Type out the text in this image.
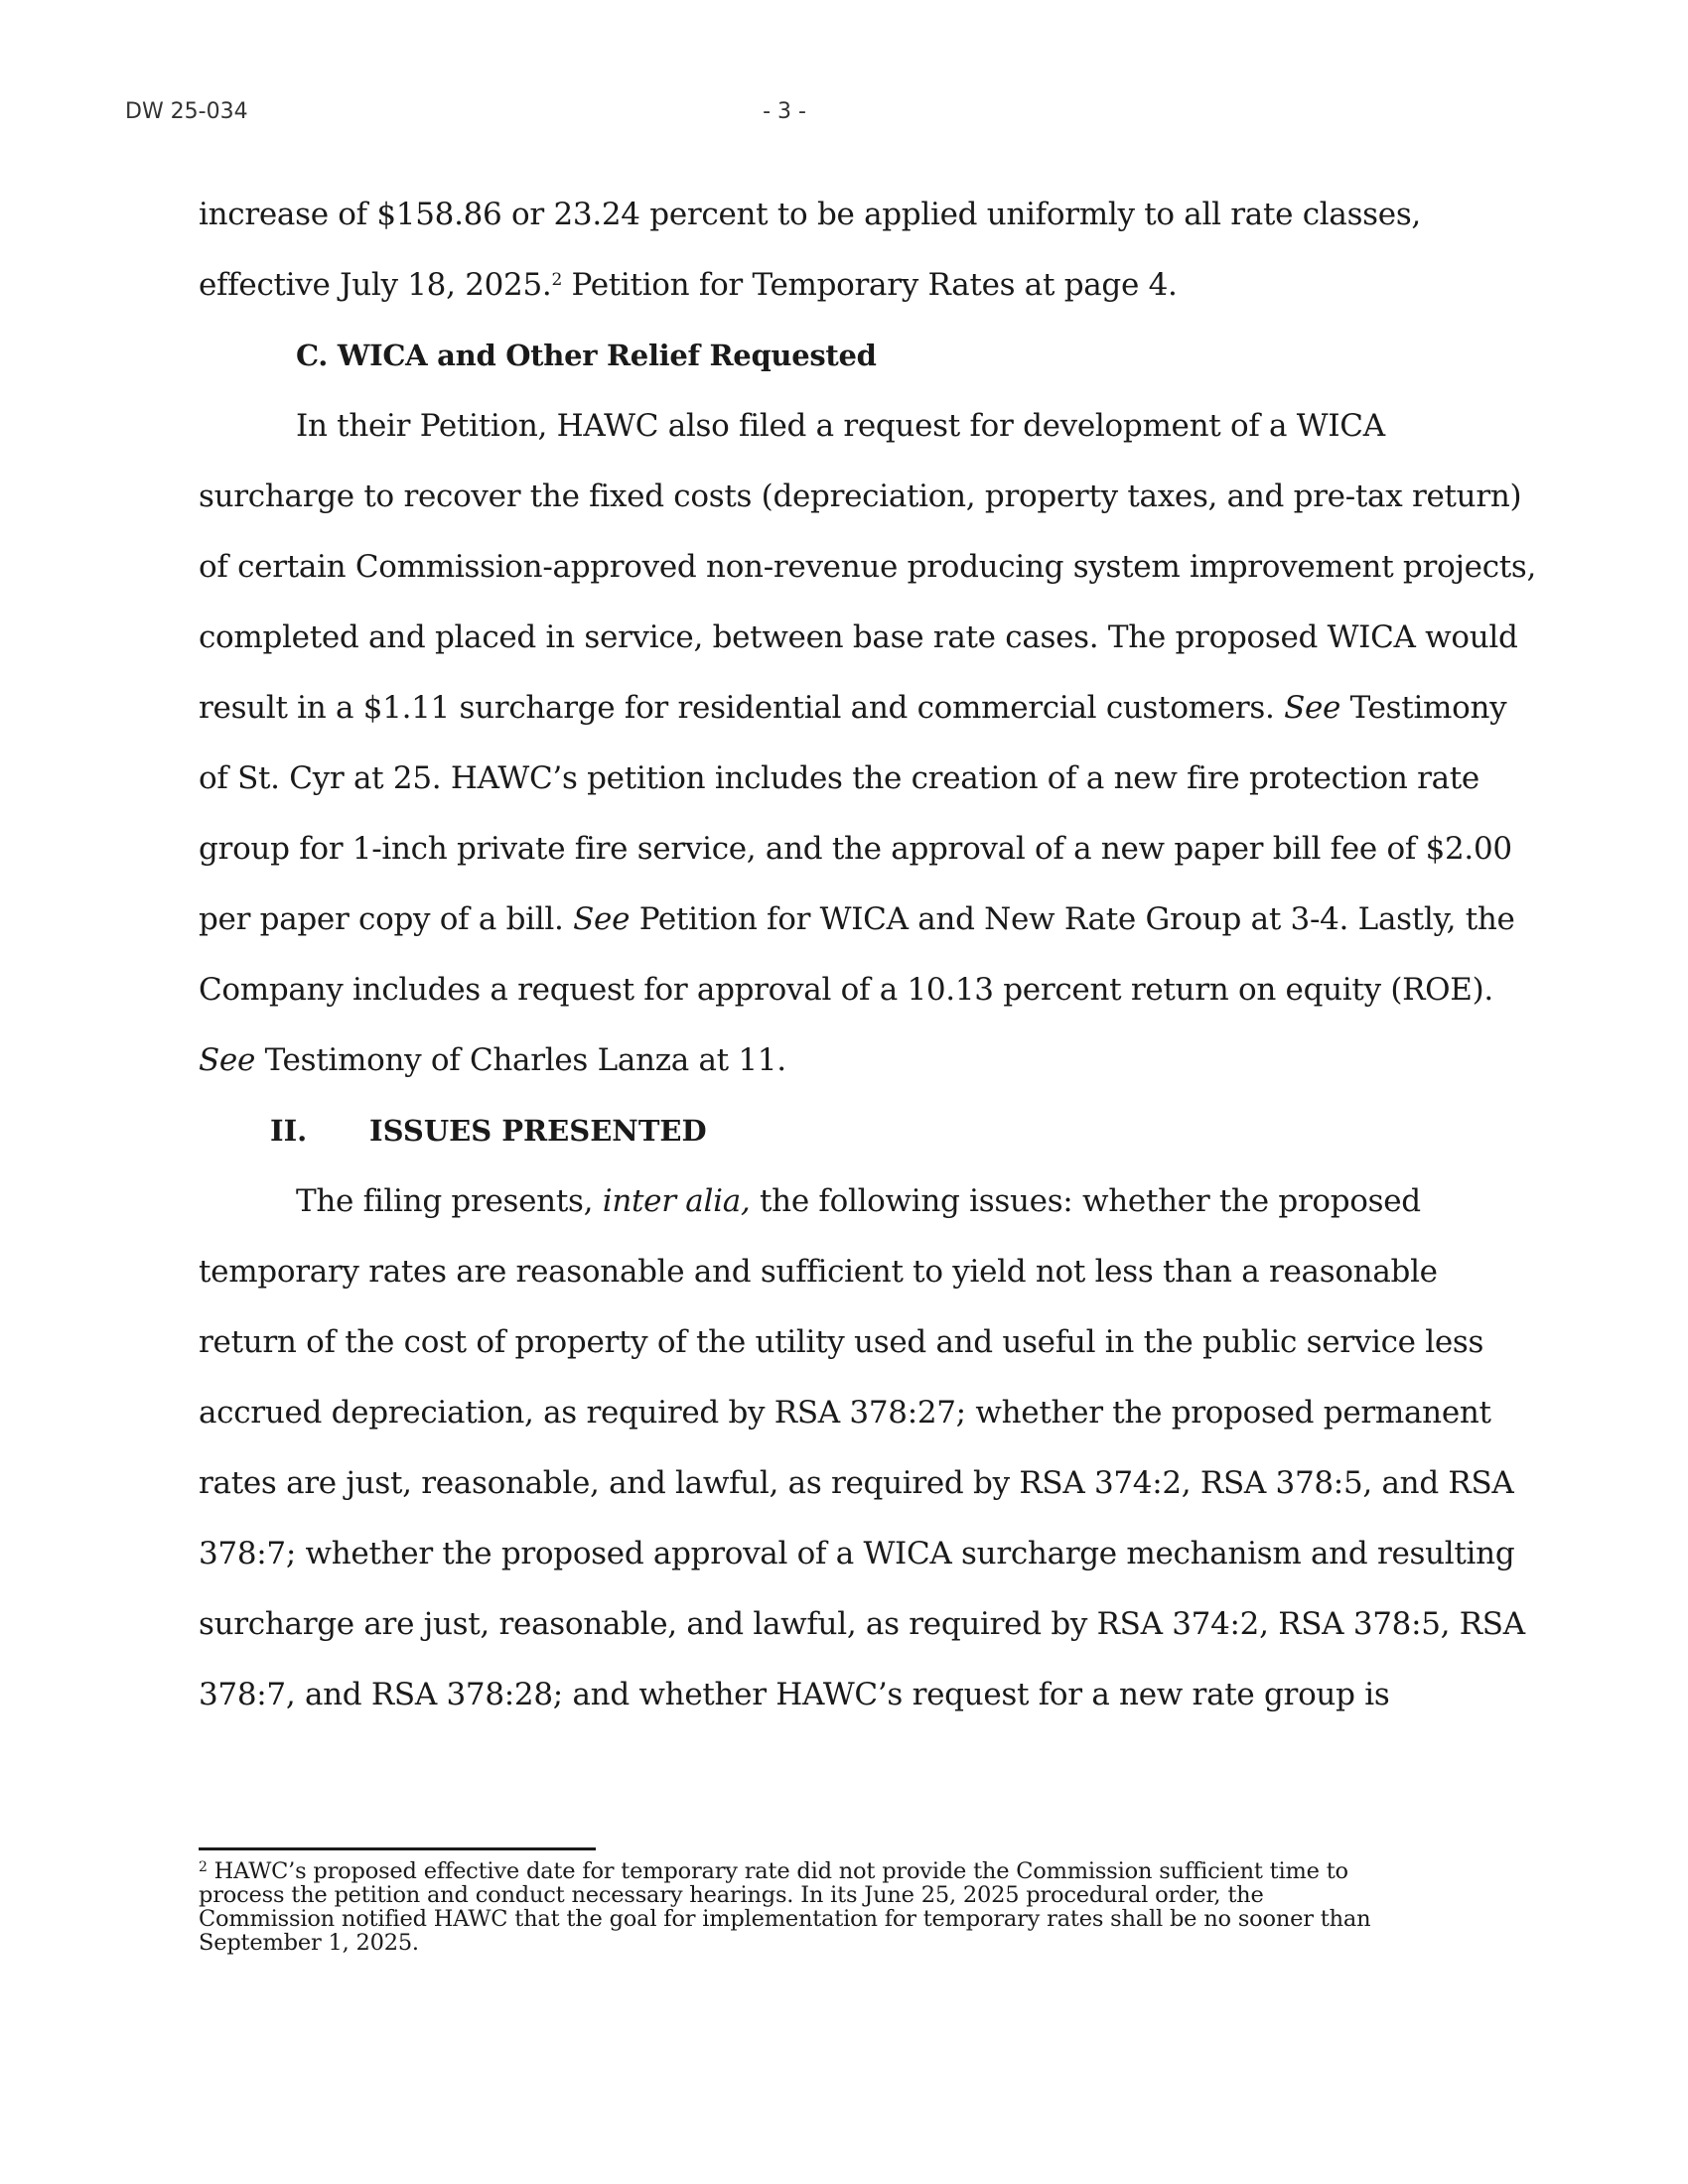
DW 25-034	- 3 -
increase of $158.86 or 23.24 percent to be applied uniformly to all rate classes,
effective July 18, 2025.$^2$ Petition for Temporary Rates at page 4.
C. WICA and Other Relief Requested
In their Petition, HAWC also filed a request for development of a WICA
surcharge to recover the fixed costs (depreciation, property taxes, and pre-tax return)
of certain Commission-approved non-revenue producing system improvement projects,
completed and placed in service, between base rate cases. The proposed WICA would
result in a $1.11 surcharge for residential and commercial customers. See Testimony
of St. Cyr at 25. HAWC’s petition includes the creation of a new fire protection rate
group for 1-inch private fire service, and the approval of a new paper bill fee of $2.00
per paper copy of a bill. See Petition for WICA and New Rate Group at 3-4. Lastly, the
Company includes a request for approval of a 10.13 percent return on equity (ROE).
See Testimony of Charles Lanza at 11.
II. ISSUES PRESENTED
The filing presents, inter alia, the following issues: whether the proposed
temporary rates are reasonable and sufficient to yield not less than a reasonable
return of the cost of property of the utility used and useful in the public service less
accrued depreciation, as required by RSA 378:27; whether the proposed permanent
rates are just, reasonable, and lawful, as required by RSA 374:2, RSA 378:5, and RSA
378:7; whether the proposed approval of a WICA surcharge mechanism and resulting
surcharge are just, reasonable, and lawful, as required by RSA 374:2, RSA 378:5, RSA
378:7, and RSA 378:28; and whether HAWC’s request for a new rate group is
$^2$ HAWC’s proposed effective date for temporary rate did not provide the Commission sufficient time to
process the petition and conduct necessary hearings. In its June 25, 2025 procedural order, the
Commission notified HAWC that the goal for implementation for temporary rates shall be no sooner than
September 1, 2025.
